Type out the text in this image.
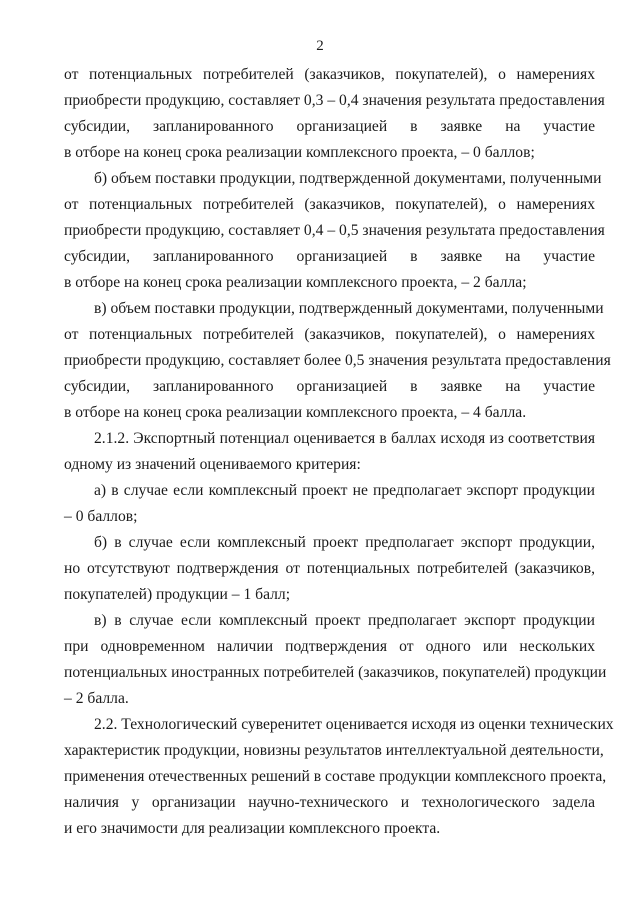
2

от потенциальных потребителей (заказчиков, покупателей), о намерениях
приобрести продукцию, составляет 0,3 – 0,4 значения результата предоставления
субсидии, запланированного организацией в заявке на участие
в отборе на конец срока реализации комплексного проекта, – 0 баллов;

б) объем поставки продукции, подтвержденной документами, полученными
от потенциальных потребителей (заказчиков, покупателей), о намерениях
приобрести продукцию, составляет 0,4 – 0,5 значения результата предоставления
субсидии, запланированного организацией в заявке на участие
в отборе на конец срока реализации комплексного проекта, – 2 балла;

в) объем поставки продукции, подтвержденный документами, полученными
от потенциальных потребителей (заказчиков, покупателей), о намерениях
приобрести продукцию, составляет более 0,5 значения результата предоставления
субсидии, запланированного организацией в заявке на участие
в отборе на конец срока реализации комплексного проекта, – 4 балла.

2.1.2. Экспортный потенциал оценивается в баллах исходя из соответствия
одному из значений оцениваемого критерия:

а) в случае если комплексный проект не предполагает экспорт продукции
– 0 баллов;

б) в случае если комплексный проект предполагает экспорт продукции,
но отсутствуют подтверждения от потенциальных потребителей (заказчиков,
покупателей) продукции – 1 балл;

в) в случае если комплексный проект предполагает экспорт продукции
при одновременном наличии подтверждения от одного или нескольких
потенциальных иностранных потребителей (заказчиков, покупателей) продукции
– 2 балла.

2.2. Технологический суверенитет оценивается исходя из оценки технических
характеристик продукции, новизны результатов интеллектуальной деятельности,
применения отечественных решений в составе продукции комплексного проекта,
наличия у организации научно-технического и технологического задела
и его значимости для реализации комплексного проекта.
